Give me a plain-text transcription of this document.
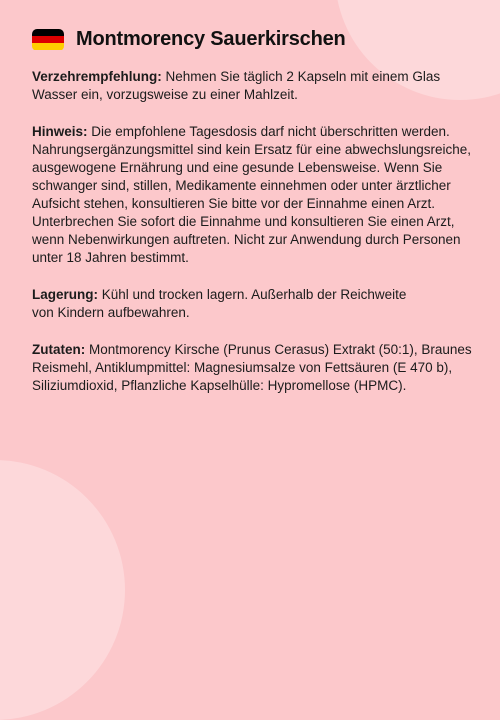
Montmorency Sauerkirschen

Verzehrempfehlung: Nehmen Sie täglich 2 Kapseln mit einem Glas Wasser ein, vorzugsweise zu einer Mahlzeit.

Hinweis: Die empfohlene Tagesdosis darf nicht überschritten werden. Nahrungsergänzungsmittel sind kein Ersatz für eine abwechslungsreiche, ausgewogene Ernährung und eine gesunde Lebensweise. Wenn Sie schwanger sind, stillen, Medikamente einnehmen oder unter ärztlicher Aufsicht stehen, konsultieren Sie bitte vor der Einnahme einen Arzt. Unterbrechen Sie sofort die Einnahme und konsultieren Sie einen Arzt, wenn Nebenwirkungen auftreten. Nicht zur Anwendung durch Personen unter 18 Jahren bestimmt.

Lagerung: Kühl und trocken lagern. Außerhalb der Reichweite von Kindern aufbewahren.

Zutaten: Montmorency Kirsche (Prunus Cerasus) Extrakt (50:1), Braunes Reismehl, Antiklumpmittel: Magnesiumsalze von Fettsäuren (E 470 b), Siliziumdioxid, Pflanzliche Kapselhülle: Hypromellose (HPMC).
